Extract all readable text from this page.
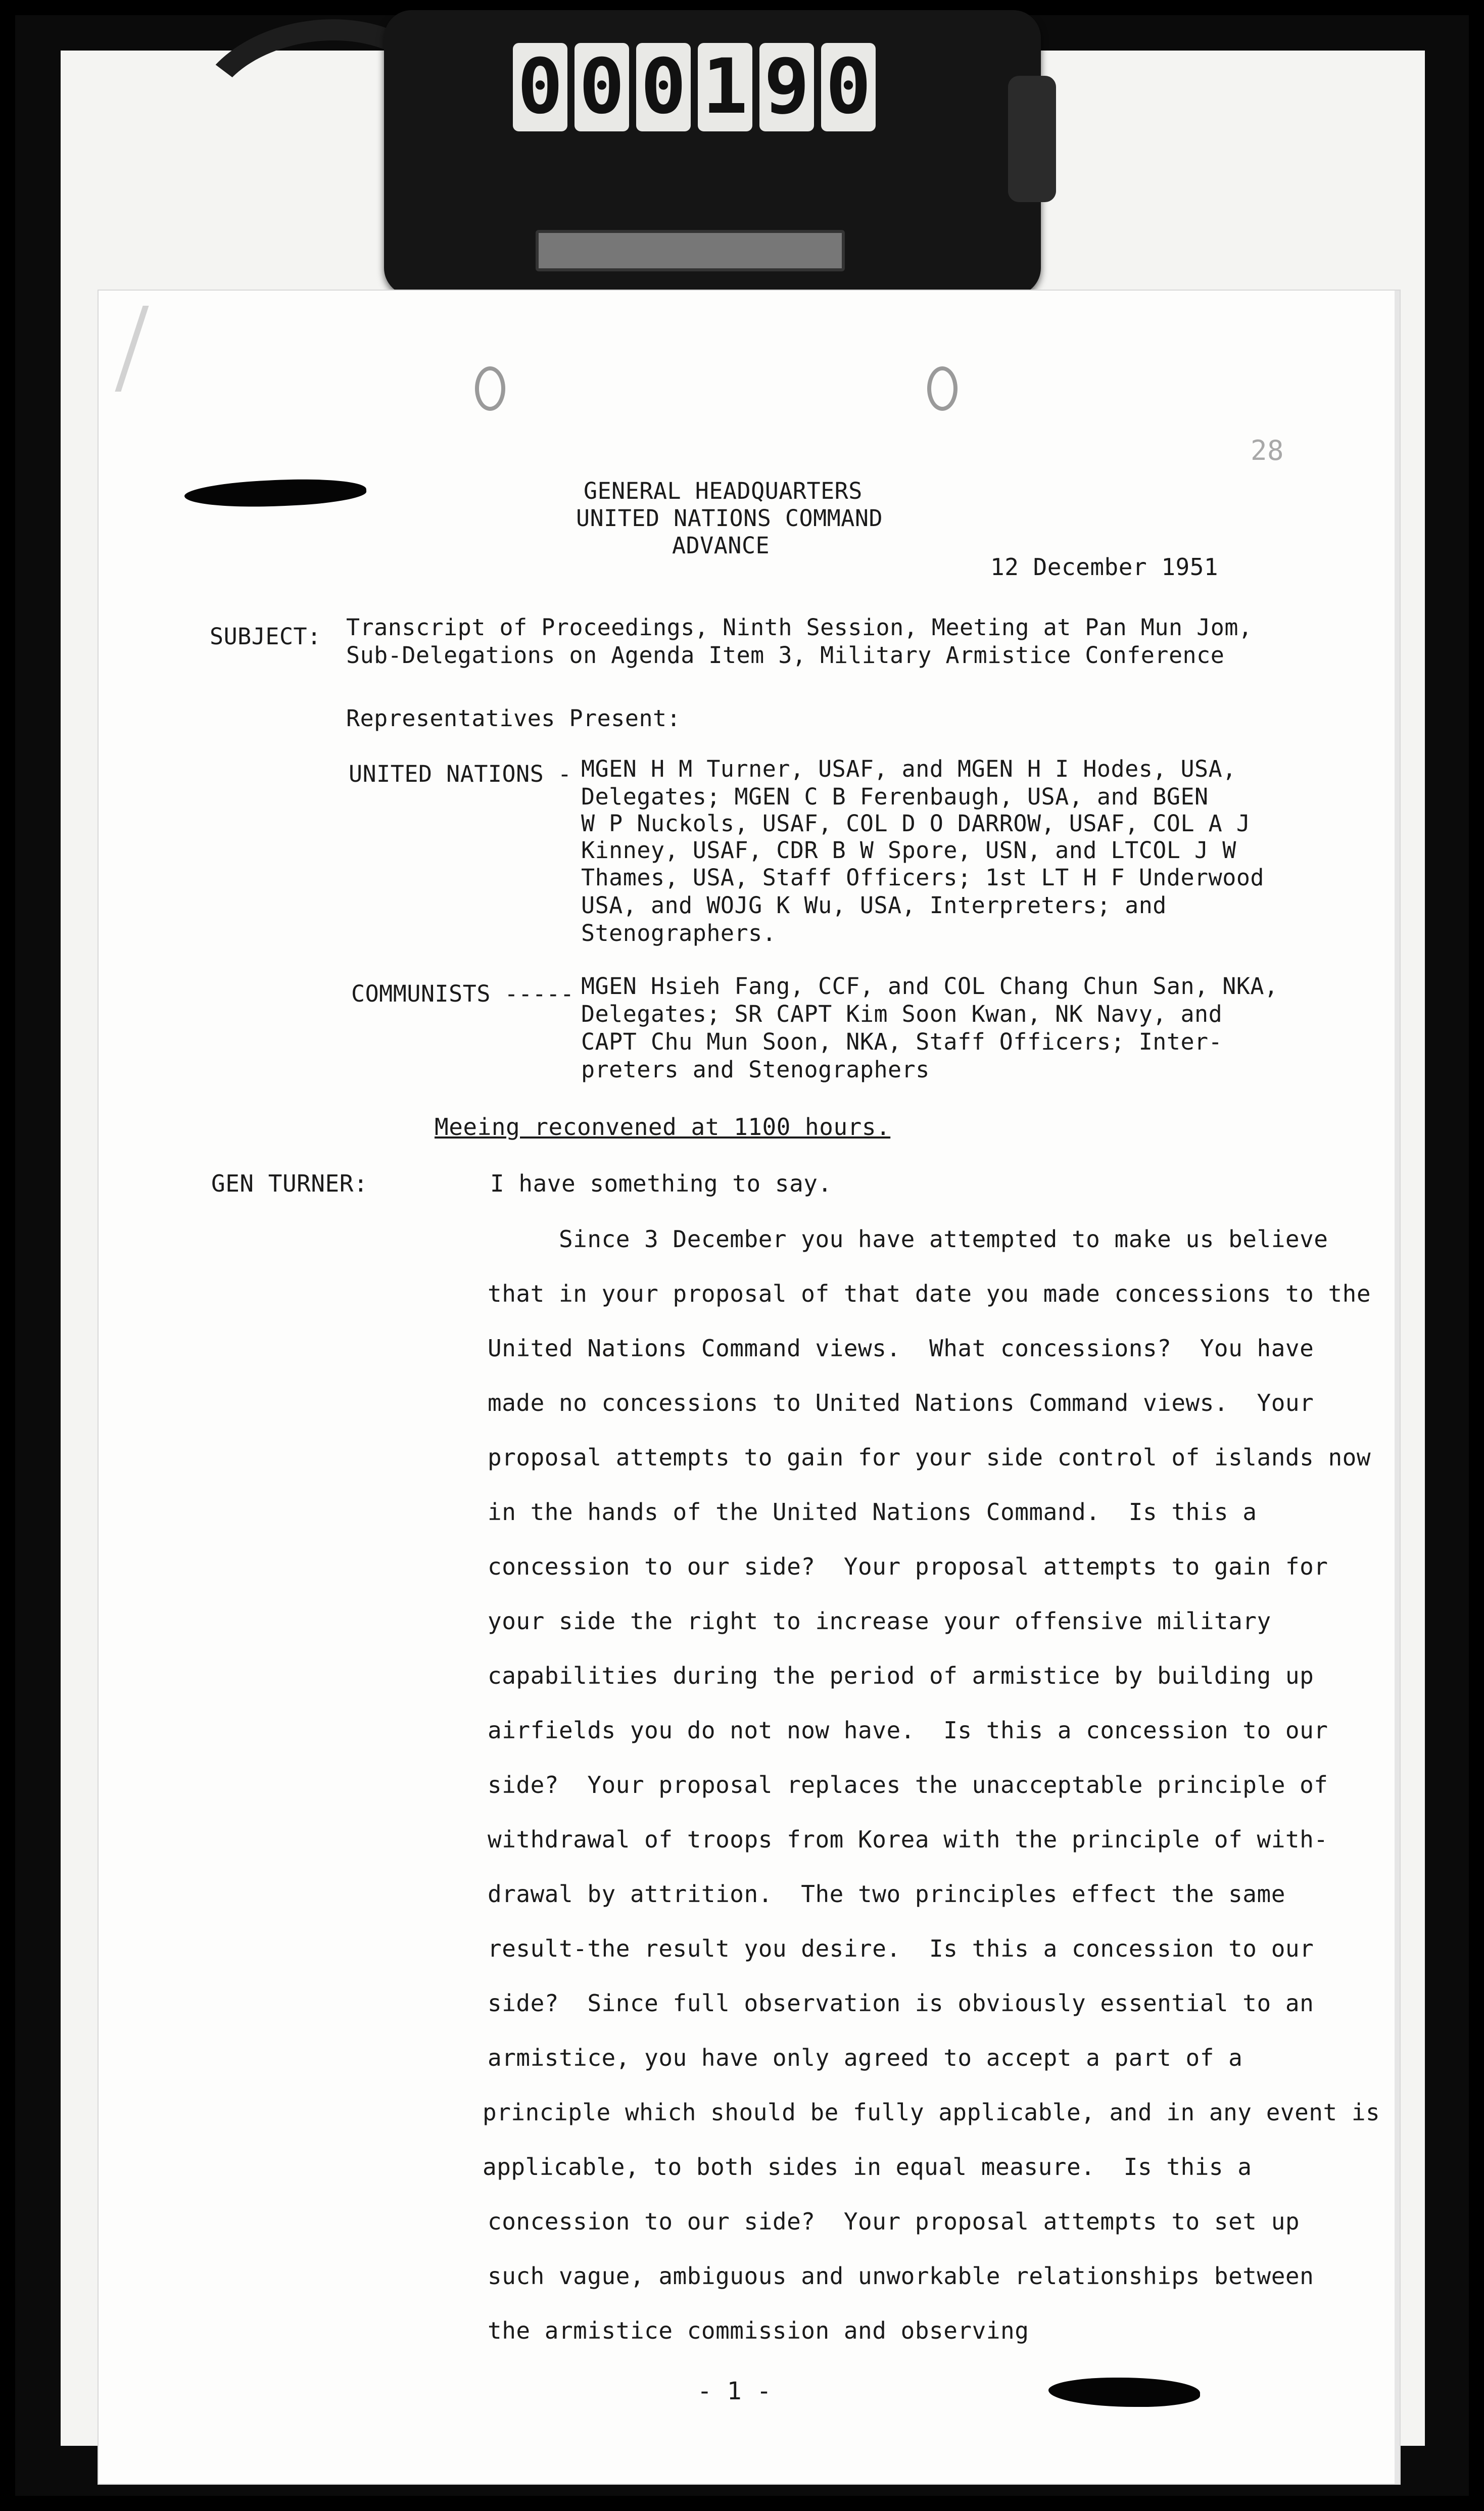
0 0 0 1 9 0
28
GENERAL HEADQUARTERS
UNITED NATIONS COMMAND
ADVANCE
12 December 1951
SUBJECT: Transcript of Proceedings, Ninth Session, Meeting at Pan Mun Jom,
Sub-Delegations on Agenda Item 3, Military Armistice Conference
Representatives Present:
UNITED NATIONS - MGEN H M Turner, USAF, and MGEN H I Hodes, USA,
Delegates; MGEN C B Ferenbaugh, USA, and BGEN
W P Nuckols, USAF, COL D O DARROW, USAF, COL A J
Kinney, USAF, CDR B W Spore, USN, and LTCOL J W
Thames, USA, Staff Officers; 1st LT H F Underwood
USA, and WOJG K Wu, USA, Interpreters; and
Stenographers.
COMMUNISTS ----- MGEN Hsieh Fang, CCF, and COL Chang Chun San, NKA,
Delegates; SR CAPT Kim Soon Kwan, NK Navy, and
CAPT Chu Mun Soon, NKA, Staff Officers; Inter-
preters and Stenographers
Meeing reconvened at 1100 hours.
GEN TURNER:	I have something to say.
Since 3 December you have attempted to make us believe
that in your proposal of that date you made concessions to the
United Nations Command views.  What concessions?  You have
made no concessions to United Nations Command views.  Your
proposal attempts to gain for your side control of islands now
in the hands of the United Nations Command.  Is this a
concession to our side?  Your proposal attempts to gain for
your side the right to increase your offensive military
capabilities during the period of armistice by building up
airfields you do not now have.  Is this a concession to our
side?  Your proposal replaces the unacceptable principle of
withdrawal of troops from Korea with the principle of with-
drawal by attrition.  The two principles effect the same
result-the result you desire.  Is this a concession to our
side?  Since full observation is obviously essential to an
armistice, you have only agreed to accept a part of a
principle which should be fully applicable, and in any event is
applicable, to both sides in equal measure.  Is this a
concession to our side?  Your proposal attempts to set up
such vague, ambiguous and unworkable relationships between
the armistice commission and observing
- 1 -
